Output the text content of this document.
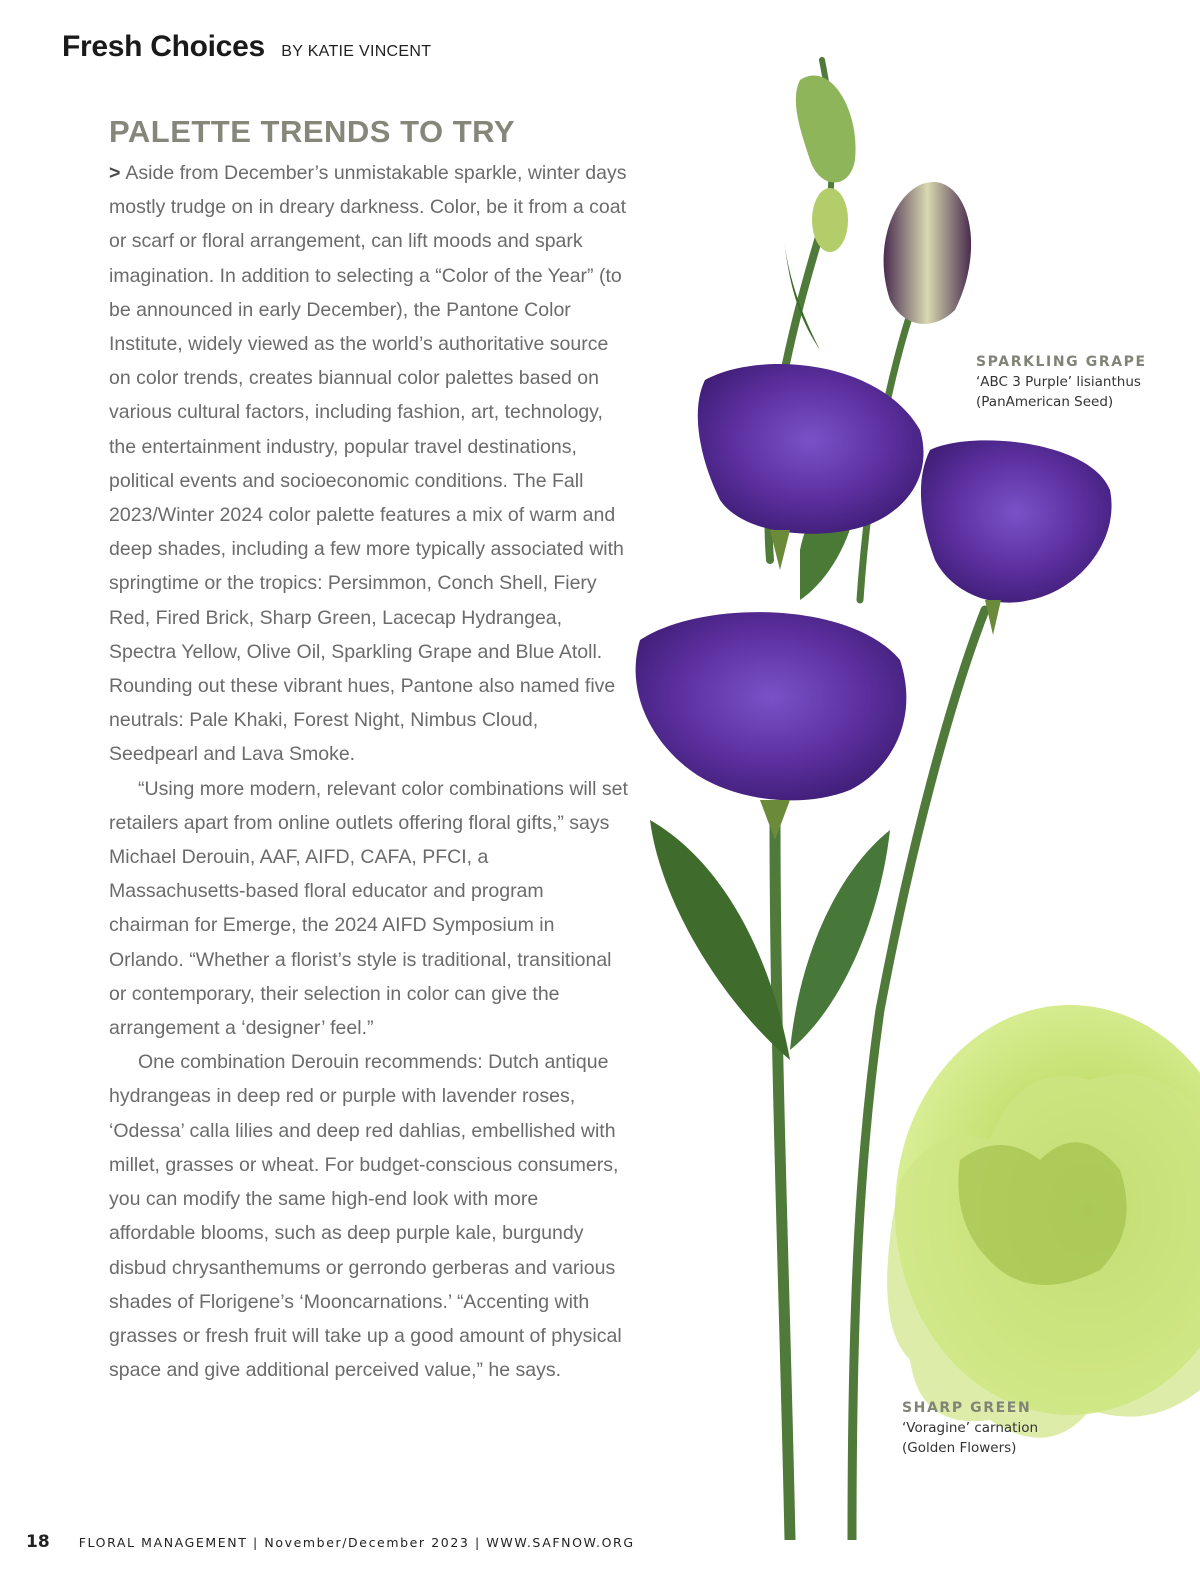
Fresh Choices BY KATIE VINCENT
PALETTE TRENDS TO TRY

> Aside from December’s unmistakable sparkle, winter days mostly trudge on in dreary darkness. Color, be it from a coat or scarf or floral arrangement, can lift moods and spark imagination. In addition to selecting a “Color of the Year” (to be announced in early December), the Pantone Color Institute, widely viewed as the world’s authoritative source on color trends, creates biannual color palettes based on various cultural factors, including fashion, art, technology, the entertainment industry, popular travel destinations, political events and socioeconomic conditions. The Fall 2023/Winter 2024 color palette features a mix of warm and deep shades, including a few more typically associated with springtime or the tropics: Persimmon, Conch Shell, Fiery Red, Fired Brick, Sharp Green, Lacecap Hydrangea, Spectra Yellow, Olive Oil, Sparkling Grape and Blue Atoll. Rounding out these vibrant hues, Pantone also named five neutrals: Pale Khaki, Forest Night, Nimbus Cloud, Seedpearl and Lava Smoke.

“Using more modern, relevant color combinations will set retailers apart from online outlets offering floral gifts,” says Michael Derouin, AAF, AIFD, CAFA, PFCI, a Massachusetts-based floral educator and program chairman for Emerge, the 2024 AIFD Symposium in Orlando. “Whether a florist’s style is traditional, transitional or contemporary, their selection in color can give the arrangement a ‘designer’ feel.”

One combination Derouin recommends: Dutch antique hydrangeas in deep red or purple with lavender roses, ‘Odessa’ calla lilies and deep red dahlias, embellished with millet, grasses or wheat. For budget-conscious consumers, you can modify the same high-end look with more affordable blooms, such as deep purple kale, burgundy disbud chrysanthemums or gerrondo gerberas and various shades of Florigene’s ‘Mooncarnations.’ “Accenting with grasses or fresh fruit will take up a good amount of physical space and give additional perceived value,” he says.

SPARKLING GRAPE
‘ABC 3 Purple’ lisianthus
(PanAmerican Seed)
SHARP GREEN
‘Voragine’ carnation
(Golden Flowers)
18 FLORAL MANAGEMENT | November/December 2023 | WWW.SAFNOW.ORG
